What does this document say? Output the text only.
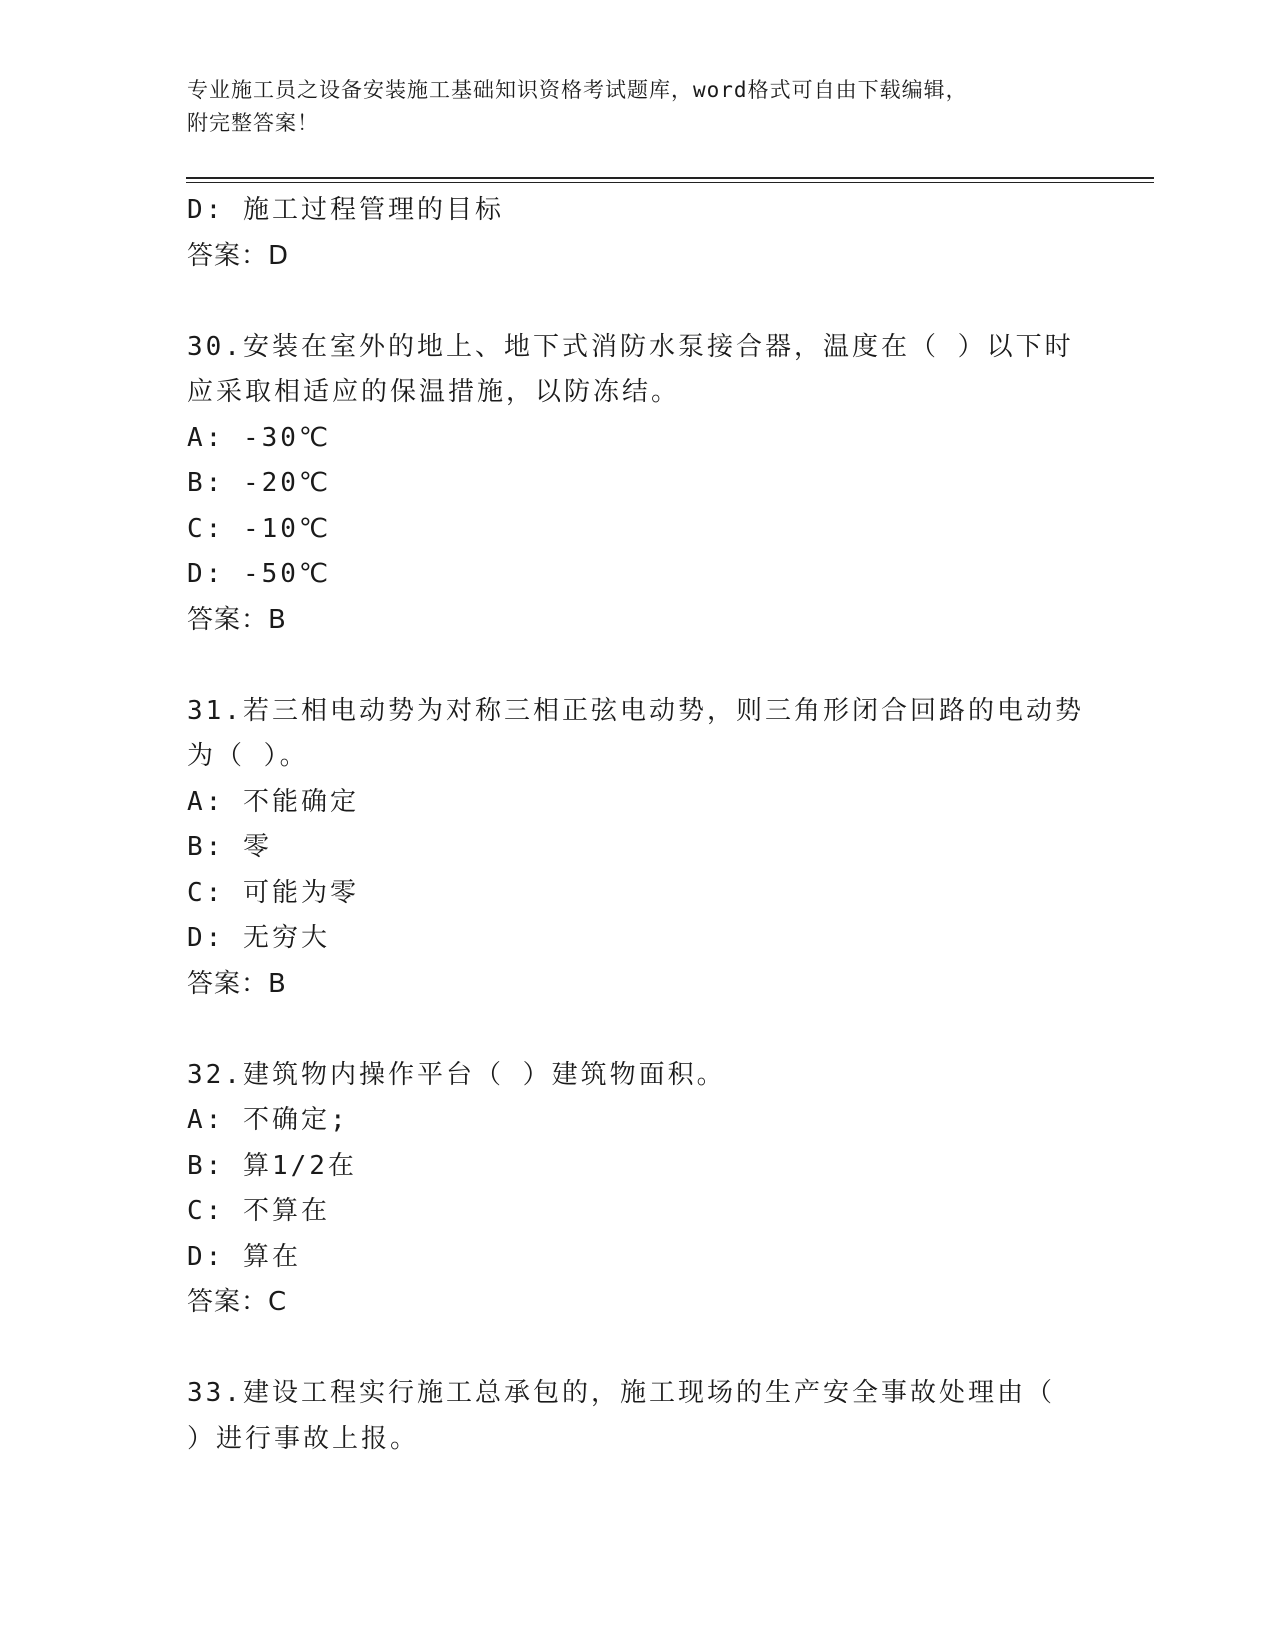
专业施工员之设备安装施工基础知识资格考试题库，word格式可自由下载编辑，
附完整答案！
D: 施工过程管理的目标
答案：D
30.安装在室外的地上、地下式消防水泵接合器，温度在（ ）以下时
应采取相适应的保温措施，以防冻结。
A: -30℃
B: -20℃
C: -10℃
D: -50℃
答案：B
31.若三相电动势为对称三相正弦电动势，则三角形闭合回路的电动势
为（ ）。
A: 不能确定
B: 零
C: 可能为零
D: 无穷大
答案：B
32.建筑物内操作平台（ ）建筑物面积。
A: 不确定;
B: 算1/2在
C: 不算在
D: 算在
答案：C
33.建设工程实行施工总承包的，施工现场的生产安全事故处理由（
）进行事故上报。
